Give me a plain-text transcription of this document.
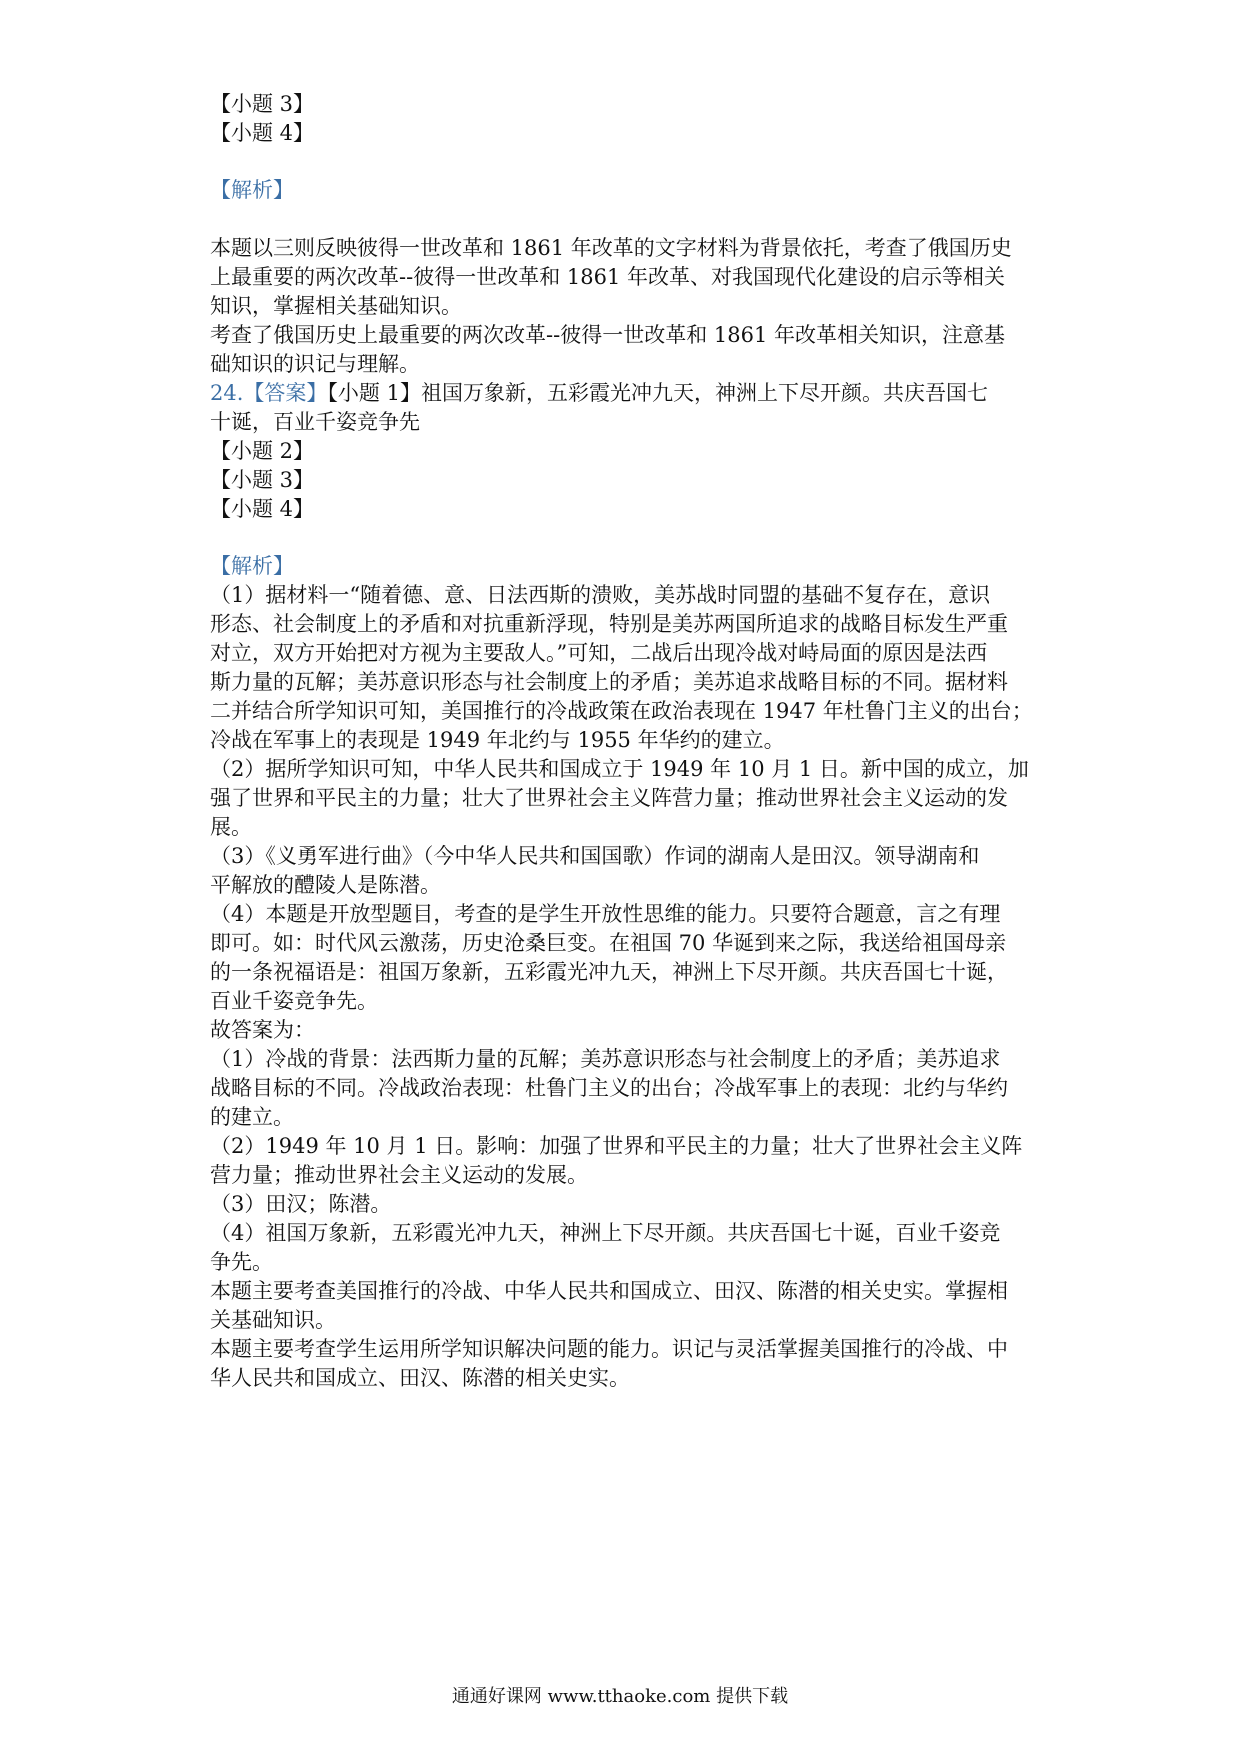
【小题 3】
【小题 4】
【解析】
本题以三则反映彼得一世改革和 1861 年改革的文字材料为背景依托，考查了俄国历史
上最重要的两次改革--彼得一世改革和 1861 年改革、对我国现代化建设的启示等相关
知识，掌握相关基础知识。
考查了俄国历史上最重要的两次改革--彼得一世改革和 1861 年改革相关知识，注意基
础知识的识记与理解。
24.【答案】【小题 1】祖国万象新，五彩霞光冲九天，神洲上下尽开颜。共庆吾国七
十诞，百业千姿竞争先
【小题 2】
【小题 3】
【小题 4】
【解析】
（1）据材料一“随着德、意、日法西斯的溃败，美苏战时同盟的基础不复存在，意识
形态、社会制度上的矛盾和对抗重新浮现，特别是美苏两国所追求的战略目标发生严重
对立，双方开始把对方视为主要敌人。”可知，二战后出现冷战对峙局面的原因是法西
斯力量的瓦解；美苏意识形态与社会制度上的矛盾；美苏追求战略目标的不同。据材料
二并结合所学知识可知，美国推行的冷战政策在政治表现在 1947 年杜鲁门主义的出台；
冷战在军事上的表现是 1949 年北约与 1955 年华约的建立。
（2）据所学知识可知，中华人民共和国成立于 1949 年 10 月 1 日。新中国的成立，加
强了世界和平民主的力量；壮大了世界社会主义阵营力量；推动世界社会主义运动的发
展。
（3）《义勇军进行曲》（今中华人民共和国国歌）作词的湖南人是田汉。领导湖南和
平解放的醴陵人是陈潜。
（4）本题是开放型题目，考查的是学生开放性思维的能力。只要符合题意，言之有理
即可。如：时代风云激荡，历史沧桑巨变。在祖国 70 华诞到来之际，我送给祖国母亲
的一条祝福语是：祖国万象新，五彩霞光冲九天，神洲上下尽开颜。共庆吾国七十诞，
百业千姿竞争先。
故答案为：
（1）冷战的背景：法西斯力量的瓦解；美苏意识形态与社会制度上的矛盾；美苏追求
战略目标的不同。冷战政治表现：杜鲁门主义的出台；冷战军事上的表现：北约与华约
的建立。
（2）1949 年 10 月 1 日。影响：加强了世界和平民主的力量；壮大了世界社会主义阵
营力量；推动世界社会主义运动的发展。
（3）田汉；陈潜。
（4）祖国万象新，五彩霞光冲九天，神洲上下尽开颜。共庆吾国七十诞，百业千姿竞
争先。
本题主要考查美国推行的冷战、中华人民共和国成立、田汉、陈潜的相关史实。掌握相
关基础知识。
本题主要考查学生运用所学知识解决问题的能力。识记与灵活掌握美国推行的冷战、中
华人民共和国成立、田汉、陈潜的相关史实。
通通好课网 www.tthaoke.com 提供下载
